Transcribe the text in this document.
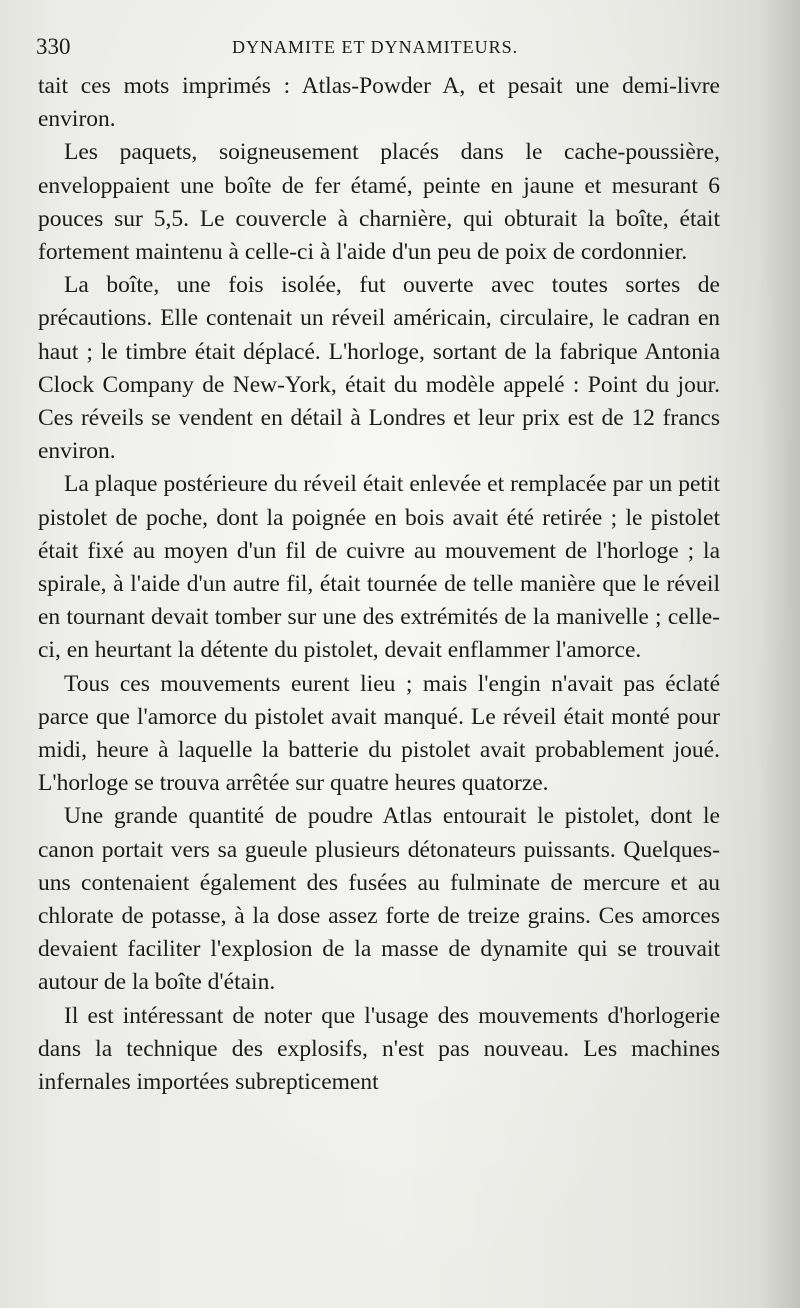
330	DYNAMITE ET DYNAMITEURS.

tait ces mots imprimés : Atlas-Powder A, et pesait une demi-livre environ.

Les paquets, soigneusement placés dans le cache-poussière, enveloppaient une boîte de fer étamé, peinte en jaune et mesurant 6 pouces sur 5,5. Le couvercle à charnière, qui obturait la boîte, était fortement maintenu à celle-ci à l'aide d'un peu de poix de cordonnier.

La boîte, une fois isolée, fut ouverte avec toutes sortes de précautions. Elle contenait un réveil américain, circulaire, le cadran en haut ; le timbre était déplacé. L'horloge, sortant de la fabrique Antonia Clock Company de New-York, était du modèle appelé : Point du jour. Ces réveils se vendent en détail à Londres et leur prix est de 12 francs environ.

La plaque postérieure du réveil était enlevée et remplacée par un petit pistolet de poche, dont la poignée en bois avait été retirée ; le pistolet était fixé au moyen d'un fil de cuivre au mouvement de l'horloge ; la spirale, à l'aide d'un autre fil, était tournée de telle manière que le réveil en tournant devait tomber sur une des extrémités de la manivelle ; celle-ci, en heurtant la détente du pistolet, devait enflammer l'amorce.

Tous ces mouvements eurent lieu ; mais l'engin n'avait pas éclaté parce que l'amorce du pistolet avait manqué. Le réveil était monté pour midi, heure à laquelle la batterie du pistolet avait probablement joué. L'horloge se trouva arrêtée sur quatre heures quatorze.

Une grande quantité de poudre Atlas entourait le pistolet, dont le canon portait vers sa gueule plusieurs détonateurs puissants. Quelques-uns contenaient également des fusées au fulminate de mercure et au chlorate de potasse, à la dose assez forte de treize grains. Ces amorces devaient faciliter l'explosion de la masse de dynamite qui se trouvait autour de la boîte d'étain.

Il est intéressant de noter que l'usage des mouvements d'horlogerie dans la technique des explosifs, n'est pas nouveau. Les machines infernales importées subrepticement
